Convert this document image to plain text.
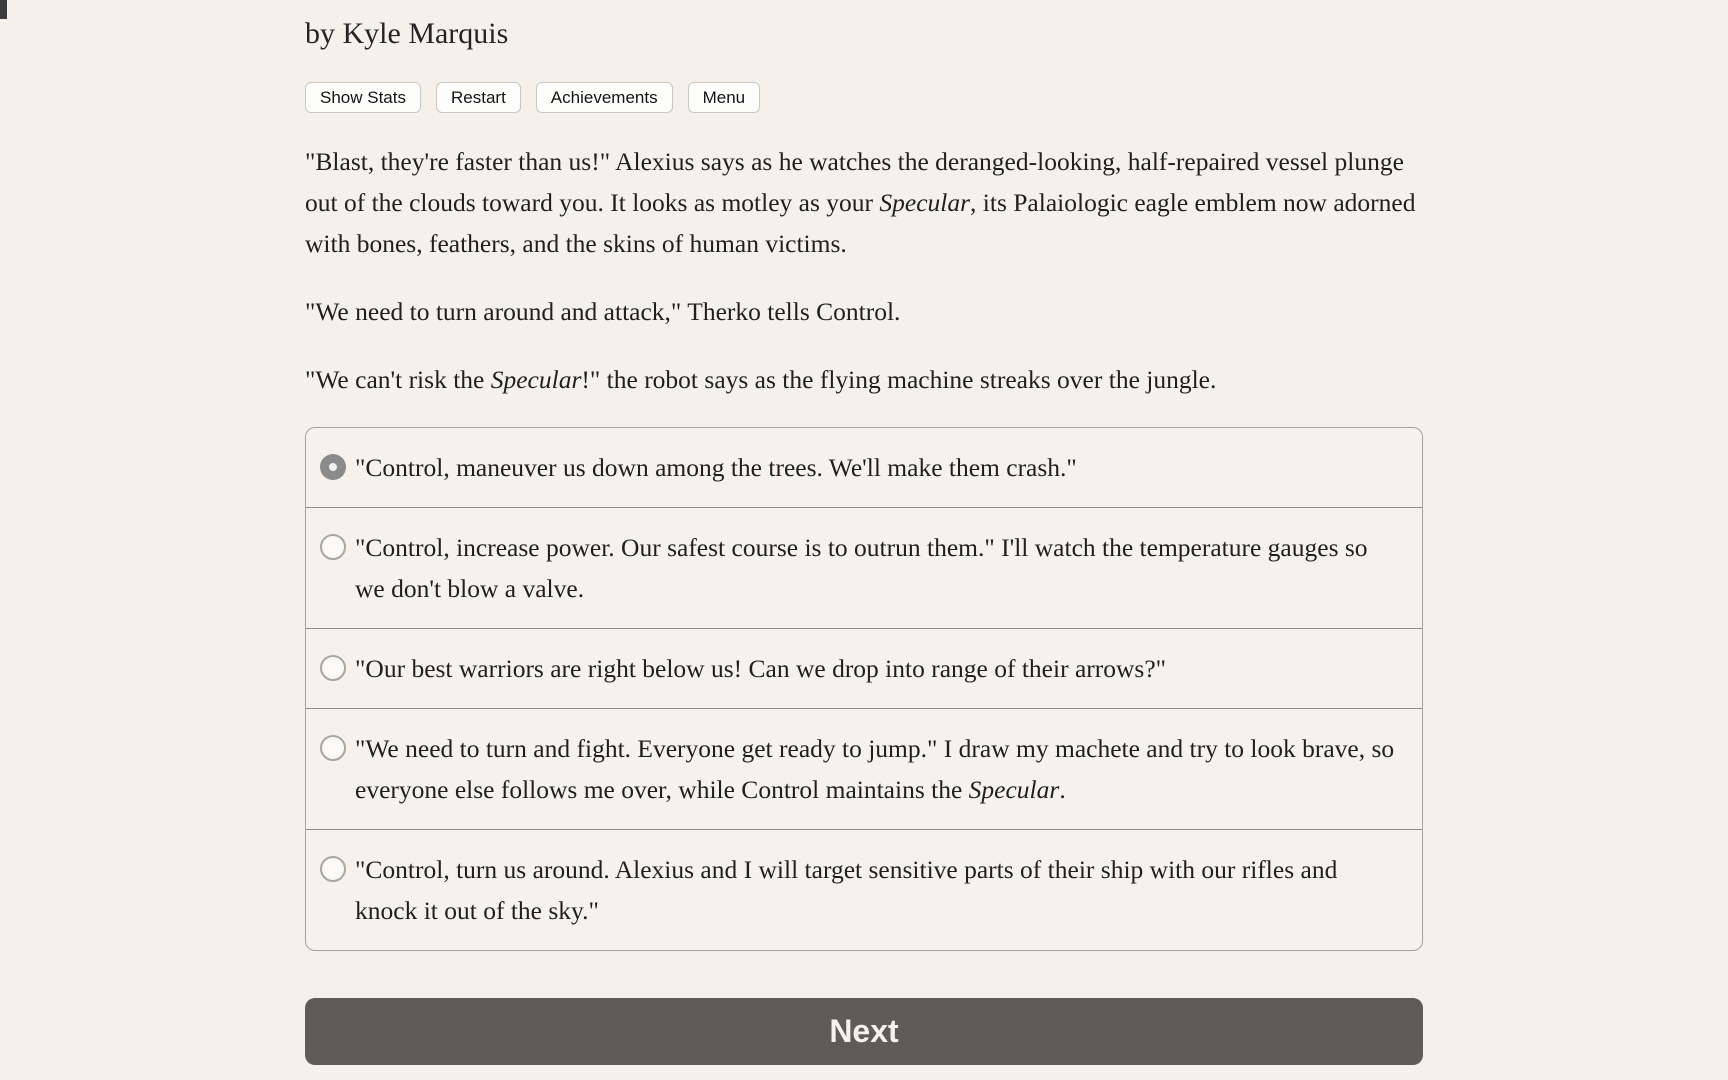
by Kyle Marquis
Show Stats	Restart	Achievements	Menu

"Blast, they're faster than us!" Alexius says as he watches the deranged-looking, half-repaired vessel plunge out of the clouds toward you. It looks as motley as your Specular, its Palaiologic eagle emblem now adorned with bones, feathers, and the skins of human victims.

"We need to turn around and attack," Therko tells Control.

"We can't risk the Specular!" the robot says as the flying machine streaks over the jungle.

"Control, maneuver us down among the trees. We'll make them crash."
"Control, increase power. Our safest course is to outrun them." I'll watch the temperature gauges so we don't blow a valve.
"Our best warriors are right below us! Can we drop into range of their arrows?"
"We need to turn and fight. Everyone get ready to jump." I draw my machete and try to look brave, so everyone else follows me over, while Control maintains the Specular.
"Control, turn us around. Alexius and I will target sensitive parts of their ship with our rifles and knock it out of the sky."
Next
